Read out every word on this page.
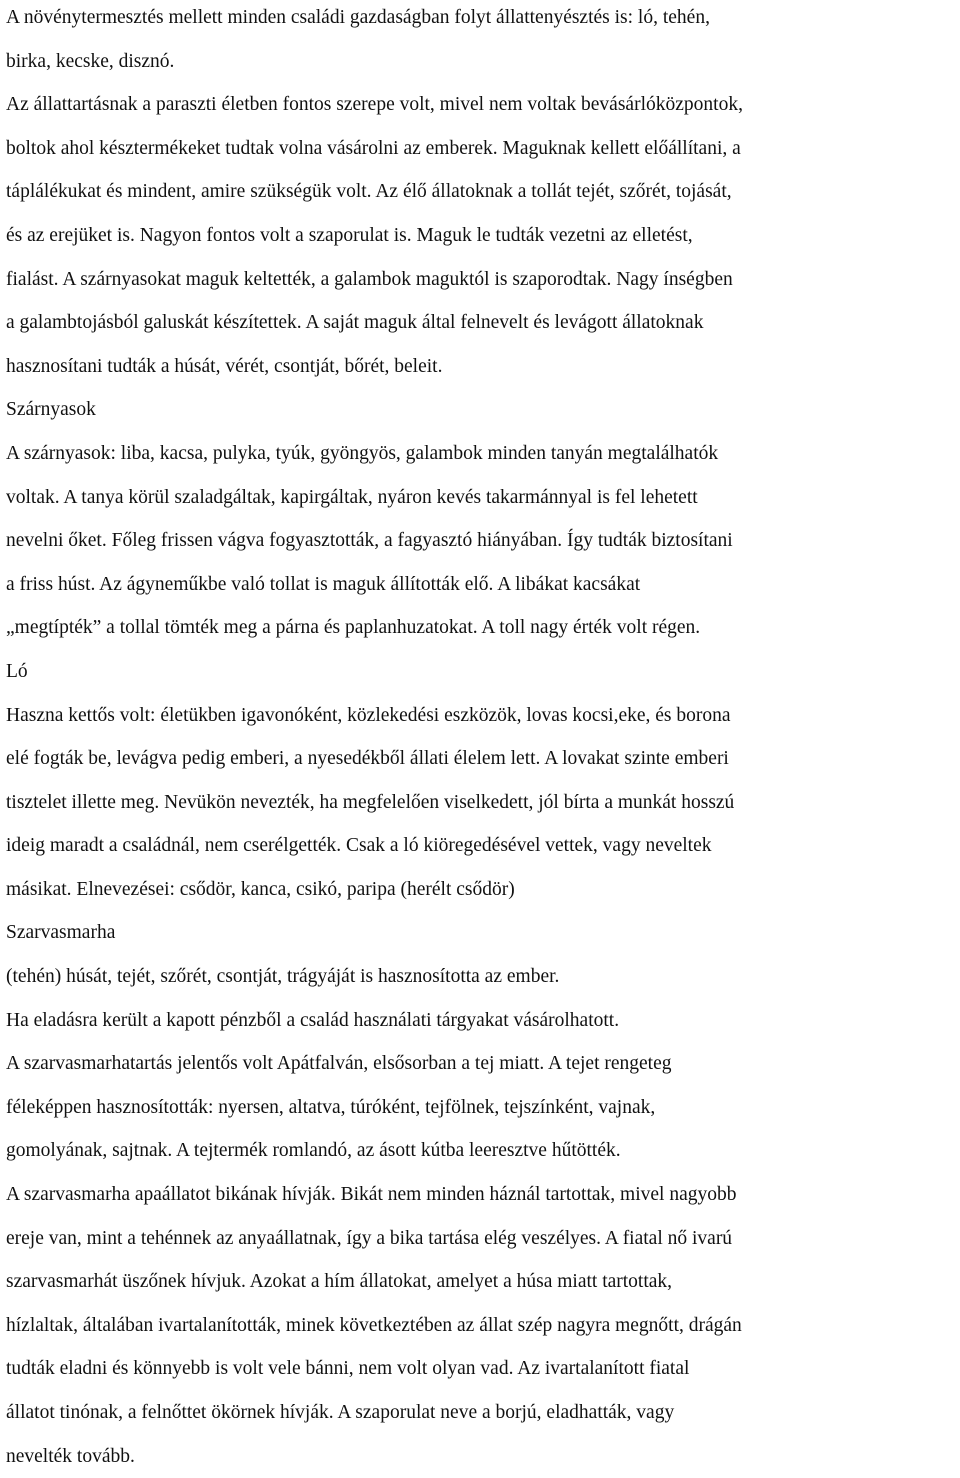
A növénytermesztés mellett minden családi gazdaságban folyt állattenyésztés is: ló, tehén,
birka, kecske, disznó.
Az állattartásnak a paraszti életben fontos szerepe volt, mivel nem voltak bevásárlóközpontok,
boltok ahol késztermékeket tudtak volna vásárolni az emberek. Maguknak kellett előállítani, a
táplálékukat és mindent, amire szükségük volt. Az élő állatoknak a tollát tejét, szőrét, tojását,
és az erejüket is. Nagyon fontos volt a szaporulat is. Maguk le tudták vezetni az elletést,
fialást. A szárnyasokat maguk keltették, a galambok maguktól is szaporodtak. Nagy ínségben
a galambtojásból galuskát készítettek. A saját maguk által felnevelt és levágott állatoknak
hasznosítani tudták a húsát, vérét, csontját, bőrét, beleit.
Szárnyasok
A szárnyasok: liba, kacsa, pulyka, tyúk, gyöngyös, galambok minden tanyán megtalálhatók
voltak. A tanya körül szaladgáltak, kapirgáltak, nyáron kevés takarmánnyal is fel lehetett
nevelni őket. Főleg frissen vágva fogyasztották, a fagyasztó hiányában. Így tudták biztosítani
a friss húst. Az ágyneműkbe való tollat is maguk állították elő. A libákat kacsákat
„megtípték” a tollal tömték meg a párna és paplanhuzatokat. A toll nagy érték volt régen.
Ló
Haszna kettős volt: életükben igavonóként, közlekedési eszközök, lovas kocsi,eke, és borona
elé fogták be, levágva pedig emberi, a nyesedékből állati élelem lett. A lovakat szinte emberi
tisztelet illette meg. Nevükön nevezték, ha megfelelően viselkedett, jól bírta a munkát hosszú
ideig maradt a családnál, nem cserélgették. Csak a ló kiöregedésével vettek, vagy neveltek
másikat. Elnevezései: csődör, kanca, csikó, paripa (herélt csődör)
Szarvasmarha
(tehén) húsát, tejét, szőrét, csontját, trágyáját is hasznosította az ember.
Ha eladásra került a kapott pénzből a család használati tárgyakat vásárolhatott.
A szarvasmarhatartás jelentős volt Apátfalván, elsősorban a tej miatt. A tejet rengeteg
féleképpen hasznosították: nyersen, altatva, túróként, tejfölnek, tejszínként, vajnak,
gomolyának, sajtnak. A tejtermék romlandó, az ásott kútba leeresztve hűtötték.
A szarvasmarha apaállatot bikának hívják. Bikát nem minden háznál tartottak, mivel nagyobb
ereje van, mint a tehénnek az anyaállatnak, így a bika tartása elég veszélyes. A fiatal nő ivarú
szarvasmarhát üszőnek hívjuk. Azokat a hím állatokat, amelyet a húsa miatt tartottak,
hízlaltak, általában ivartalanították, minek következtében az állat szép nagyra megnőtt, drágán
tudták eladni és könnyebb is volt vele bánni, nem volt olyan vad. Az ivartalanított fiatal
állatot tinónak, a felnőttet ökörnek hívják. A szaporulat neve a borjú, eladhatták, vagy
nevelték tovább.
